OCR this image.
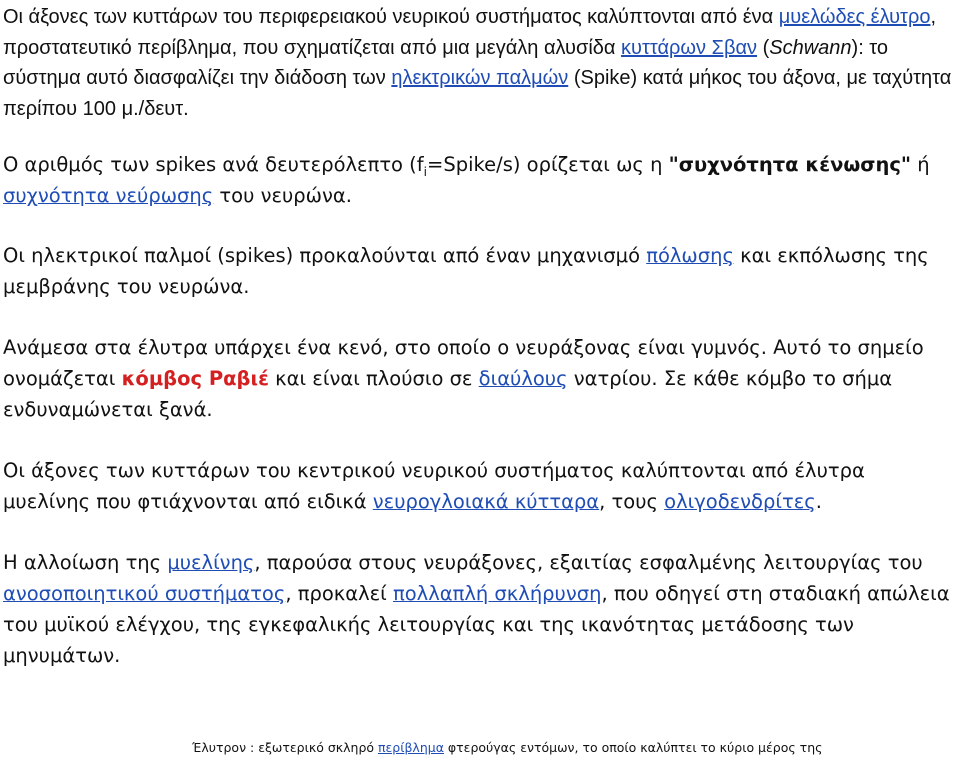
Οι άξονες των κυττάρων του περιφερειακού νευρικού συστήματος καλύπτονται από ένα μυελώδες έλυτρο, προστατευτικό περίβλημα, που σχηματίζεται από μια μεγάλη αλυσίδα κυττάρων Σβαν (Schwann): το σύστημα αυτό διασφαλίζει την διάδοση των ηλεκτρικών παλμών (Spike) κατά μήκος του άξονα, με ταχύτητα περίπου 100 μ./δευτ.

Ο αριθμός των spikes ανά δευτερόλεπτο $(f_i=Spike/s)$ ορίζεται ως η "συχνότητα κένωσης" ή συχνότητα νεύρωσης του νευρώνα.

Οι ηλεκτρικοί παλμοί (spikes) προκαλούνται από έναν μηχανισμό πόλωσης και εκπόλωσης της μεμβράνης του νευρώνα.

Ανάμεσα στα έλυτρα υπάρχει ένα κενό, στο οποίο ο νευράξονας είναι γυμνός. Αυτό το σημείο ονομάζεται κόμβος Ραβιέ και είναι πλούσιο σε διαύλους νατρίου. Σε κάθε κόμβο το σήμα ενδυναμώνεται ξανά.

Οι άξονες των κυττάρων του κεντρικού νευρικού συστήματος καλύπτονται από έλυτρα μυελίνης που φτιάχνονται από ειδικά νευρογλοιακά κύτταρα, τους ολιγοδενδρίτες.

Η αλλοίωση της μυελίνης, παρούσα στους νευράξονες, εξαιτίας εσφαλμένης λειτουργίας του ανοσοποιητικού συστήματος, προκαλεί πολλαπλή σκλήρυνση, που οδηγεί στη σταδιακή απώλεια του μυϊκού ελέγχου, της εγκεφαλικής λειτουργίας και της ικανότητας μετάδοσης των μηνυμάτων.

Έλυτρον : εξωτερικό σκληρό περίβλημα φτερούγας εντόμων, το οποίο καλύπτει το κύριο μέρος της
